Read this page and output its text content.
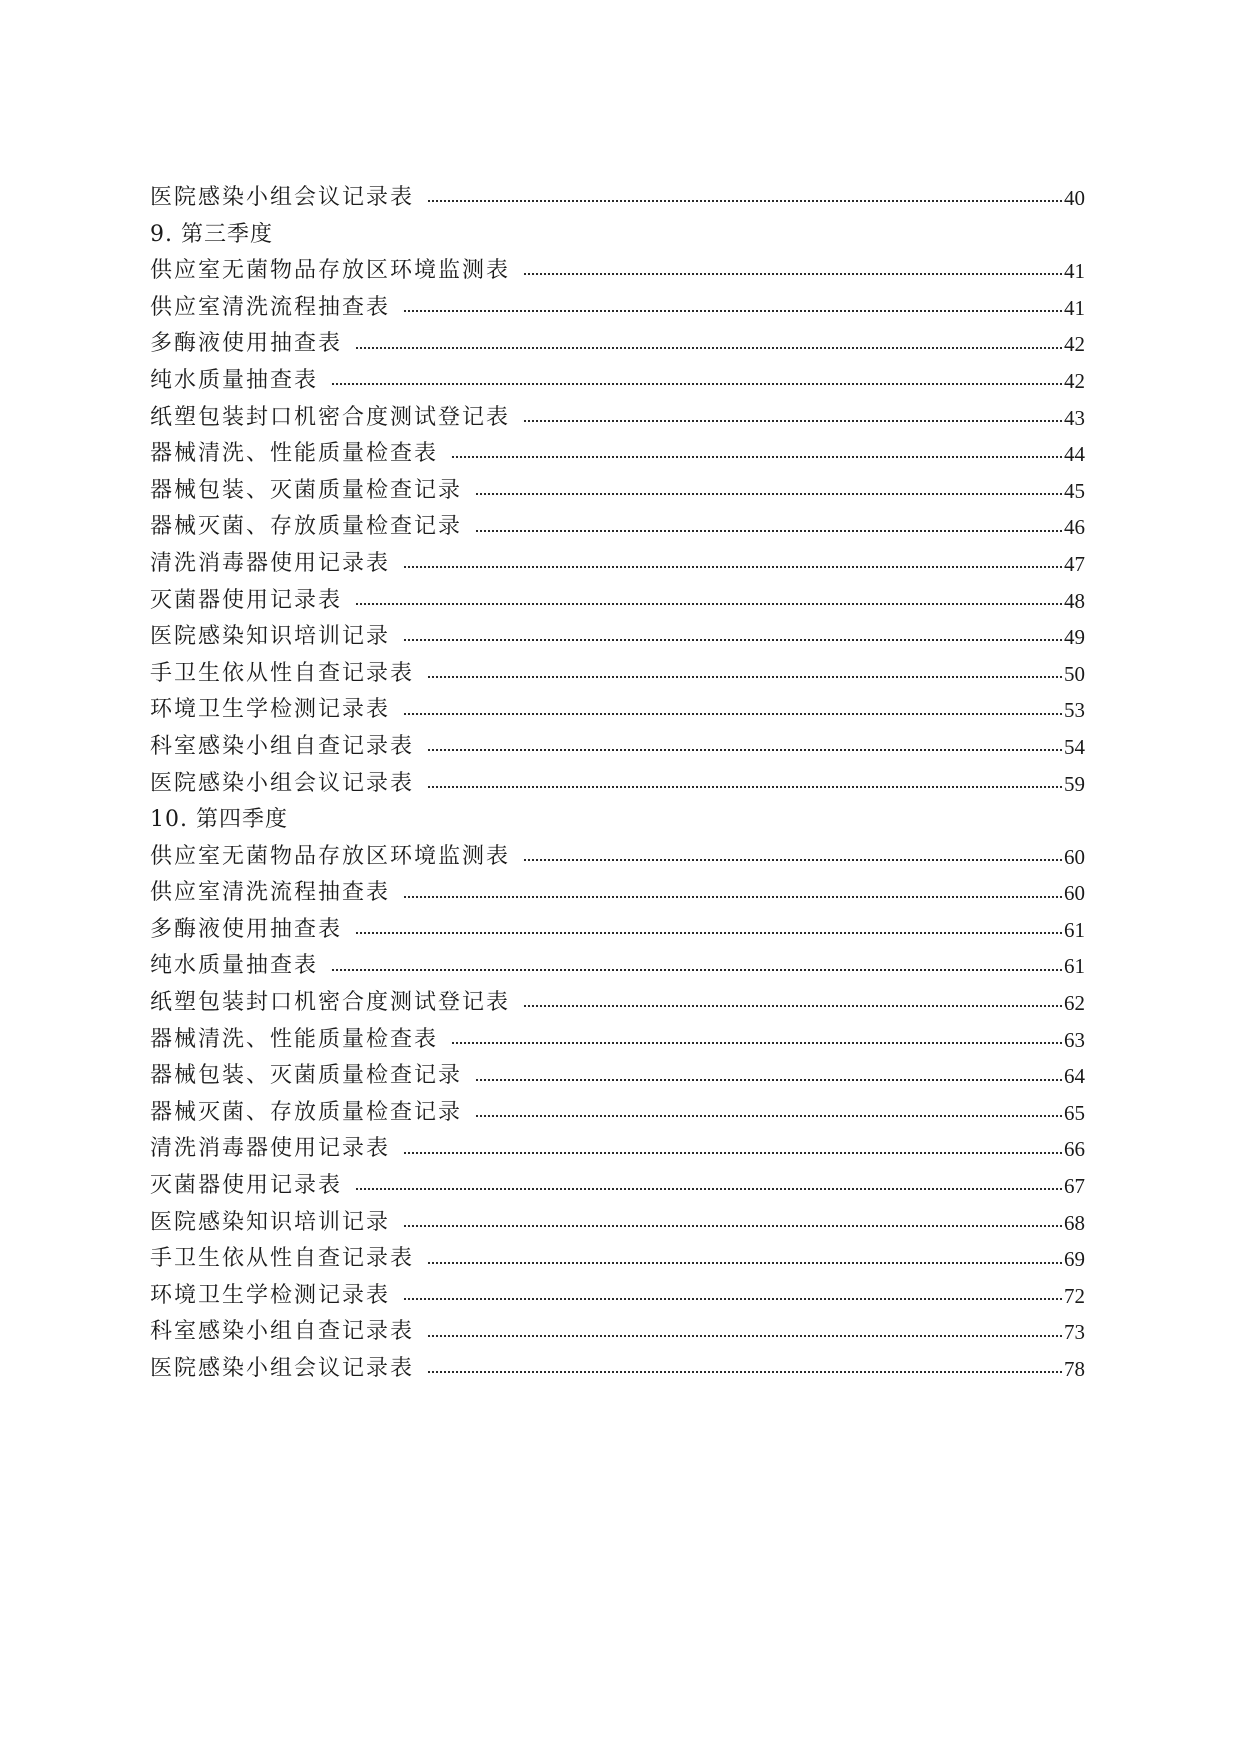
医院感染小组会议记录表	40
9. 第三季度
供应室无菌物品存放区环境监测表	41
供应室清洗流程抽查表	41
多酶液使用抽查表	42
纯水质量抽查表	42
纸塑包装封口机密合度测试登记表	43
器械清洗、性能质量检查表	44
器械包装、灭菌质量检查记录	45
器械灭菌、存放质量检查记录	46
清洗消毒器使用记录表	47
灭菌器使用记录表	48
医院感染知识培训记录	49
手卫生依从性自查记录表	50
环境卫生学检测记录表	53
科室感染小组自查记录表	54
医院感染小组会议记录表	59
10. 第四季度
供应室无菌物品存放区环境监测表	60
供应室清洗流程抽查表	60
多酶液使用抽查表	61
纯水质量抽查表	61
纸塑包装封口机密合度测试登记表	62
器械清洗、性能质量检查表	63
器械包装、灭菌质量检查记录	64
器械灭菌、存放质量检查记录	65
清洗消毒器使用记录表	66
灭菌器使用记录表	67
医院感染知识培训记录	68
手卫生依从性自查记录表	69
环境卫生学检测记录表	72
科室感染小组自查记录表	73
医院感染小组会议记录表	78
